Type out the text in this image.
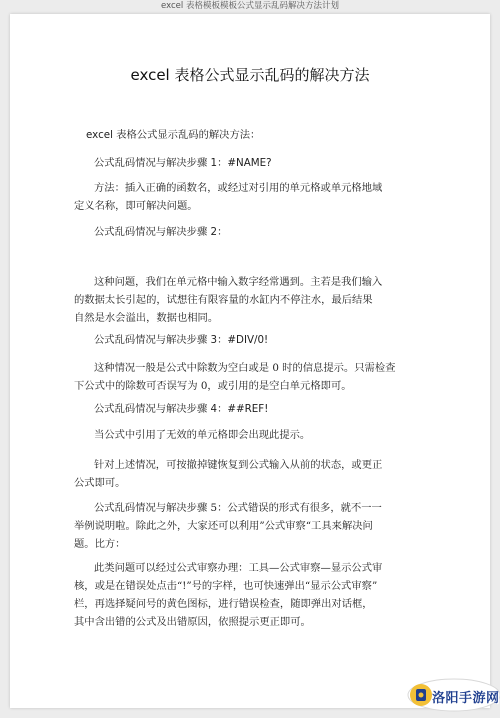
excel 表格模板模板公式显示乱码解决方法计划
excel 表格公式显示乱码的解决方法
excel 表格公式显示乱码的解决方法：
公式乱码情况与解决步骤 1：#NAME?
方法：插入正确的函数名，或经过对引用的单元格或单元格地域
定义名称，即可解决问题。
公式乱码情况与解决步骤 2：
这种问题，我们在单元格中输入数字经常遇到。主若是我们输入
的数据太长引起的，试想往有限容量的水缸内不停注水，最后结果
自然是水会溢出，数据也相同。
公式乱码情况与解决步骤 3：#DIV/0!
这种情况一般是公式中除数为空白或是 0 时的信息提示。只需检查
下公式中的除数可否误写为 0，或引用的是空白单元格即可。
公式乱码情况与解决步骤 4：##REF!
当公式中引用了无效的单元格即会出现此提示。
针对上述情况，可按撤掉键恢复到公式输入从前的状态，或更正
公式即可。
公式乱码情况与解决步骤 5：公式错误的形式有很多，就不一一
举例说明啦。除此之外，大家还可以利用”公式审察“工具来解决问
题。比方：
此类问题可以经过公式审察办理：工具—公式审察—显示公式审
核，或是在错误处点击“!”号的字样，也可快速弹出“显示公式审察”
栏，再选择疑问号的黄色图标，进行错误检查，随即弹出对话框，
其中含出错的公式及出错原因，依照提示更正即可。
洛阳手游网
